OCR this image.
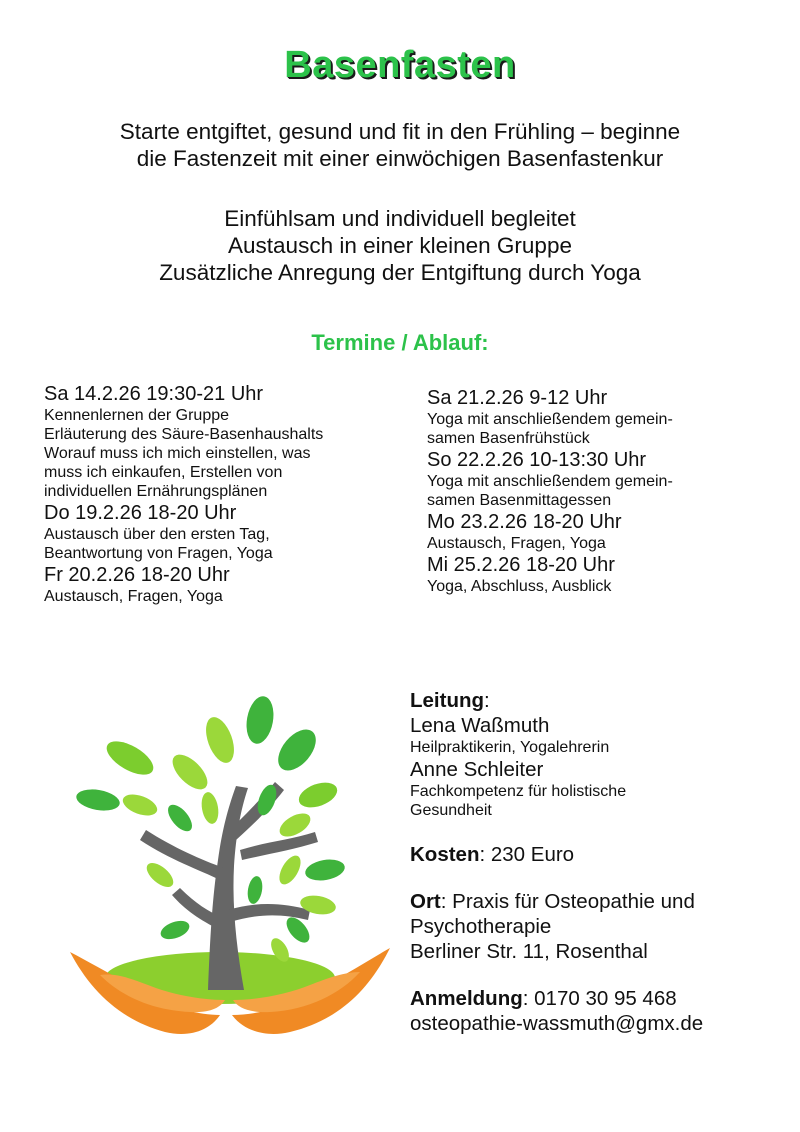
Basenfasten
Starte entgiftet, gesund und fit in den Frühling – beginne
die Fastenzeit mit einer einwöchigen Basenfastenkur
Einfühlsam und individuell begleitet
Austausch in einer kleinen Gruppe
Zusätzliche Anregung der Entgiftung durch Yoga
Termine / Ablauf:
Sa 14.2.26 19:30-21 Uhr
Kennenlernen der Gruppe
Erläuterung des Säure-Basenhaushalts
Worauf muss ich mich einstellen, was
muss ich einkaufen, Erstellen von
individuellen Ernährungsplänen
Do 19.2.26 18-20 Uhr
Austausch über den ersten Tag,
Beantwortung von Fragen, Yoga
Fr 20.2.26 18-20 Uhr
Austausch, Fragen, Yoga
Sa 21.2.26 9-12 Uhr
Yoga mit anschließendem gemein-
samen Basenfrühstück
So 22.2.26 10-13:30 Uhr
Yoga mit anschließendem gemein-
samen Basenmittagessen
Mo 23.2.26 18-20 Uhr
Austausch, Fragen, Yoga
Mi 25.2.26 18-20 Uhr
Yoga, Abschluss, Ausblick
Leitung:
Lena Waßmuth
Heilpraktikerin, Yogalehrerin
Anne Schleiter
Fachkompetenz für holistische
Gesundheit
Kosten: 230 Euro
Ort: Praxis für Osteopathie und
Psychotherapie
Berliner Str. 11, Rosenthal
Anmeldung: 0170 30 95 468
osteopathie-wassmuth@gmx.de
